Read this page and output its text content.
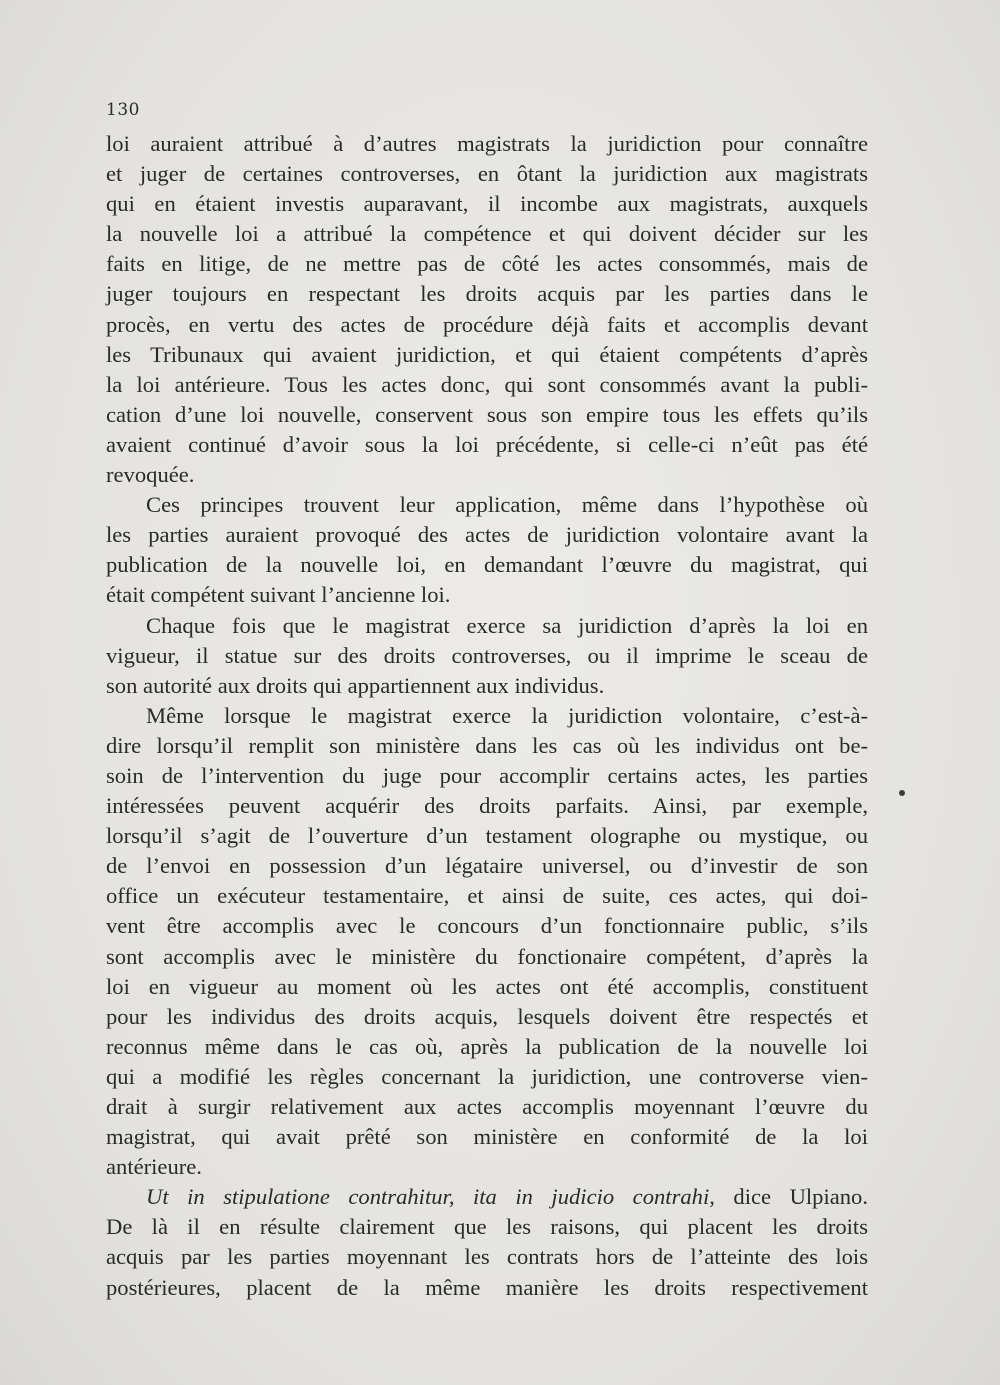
130
loi auraient attribué à d’autres magistrats la juridiction pour connaître
et juger de certaines controverses, en ôtant la juridiction aux magistrats
qui en étaient investis auparavant, il incombe aux magistrats, auxquels
la nouvelle loi a attribué la compétence et qui doivent décider sur les
faits en litige, de ne mettre pas de côté les actes consommés, mais de
juger toujours en respectant les droits acquis par les parties dans le
procès, en vertu des actes de procédure déjà faits et accomplis devant
les Tribunaux qui avaient juridiction, et qui étaient compétents d’après
la loi antérieure. Tous les actes donc, qui sont consommés avant la publi-
cation d’une loi nouvelle, conservent sous son empire tous les effets qu’ils
avaient continué d’avoir sous la loi précédente, si celle-ci n’eût pas été
revoquée.
Ces principes trouvent leur application, même dans l’hypothèse où
les parties auraient provoqué des actes de juridiction volontaire avant la
publication de la nouvelle loi, en demandant l’œuvre du magistrat, qui
était compétent suivant l’ancienne loi.
Chaque fois que le magistrat exerce sa juridiction d’après la loi en
vigueur, il statue sur des droits controverses, ou il imprime le sceau de
son autorité aux droits qui appartiennent aux individus.
Même lorsque le magistrat exerce la juridiction volontaire, c’est-à-
dire lorsqu’il remplit son ministère dans les cas où les individus ont be-
soin de l’intervention du juge pour accomplir certains actes, les parties
intéressées peuvent acquérir des droits parfaits. Ainsi, par exemple,
lorsqu’il s’agit de l’ouverture d’un testament olographe ou mystique, ou
de l’envoi en possession d’un légataire universel, ou d’investir de son
office un exécuteur testamentaire, et ainsi de suite, ces actes, qui doi-
vent être accomplis avec le concours d’un fonctionnaire public, s’ils
sont accomplis avec le ministère du fonctionaire compétent, d’après la
loi en vigueur au moment où les actes ont été accomplis, constituent
pour les individus des droits acquis, lesquels doivent être respectés et
reconnus même dans le cas où, après la publication de la nouvelle loi
qui a modifié les règles concernant la juridiction, une controverse vien-
drait à surgir relativement aux actes accomplis moyennant l’œuvre du
magistrat, qui avait prêté son ministère en conformité de la loi
antérieure.
Ut in stipulatione contrahitur, ita in judicio contrahi, dice Ulpiano.
De là il en résulte clairement que les raisons, qui placent les droits
acquis par les parties moyennant les contrats hors de l’atteinte des lois
postérieures, placent de la même manière les droits respectivement
